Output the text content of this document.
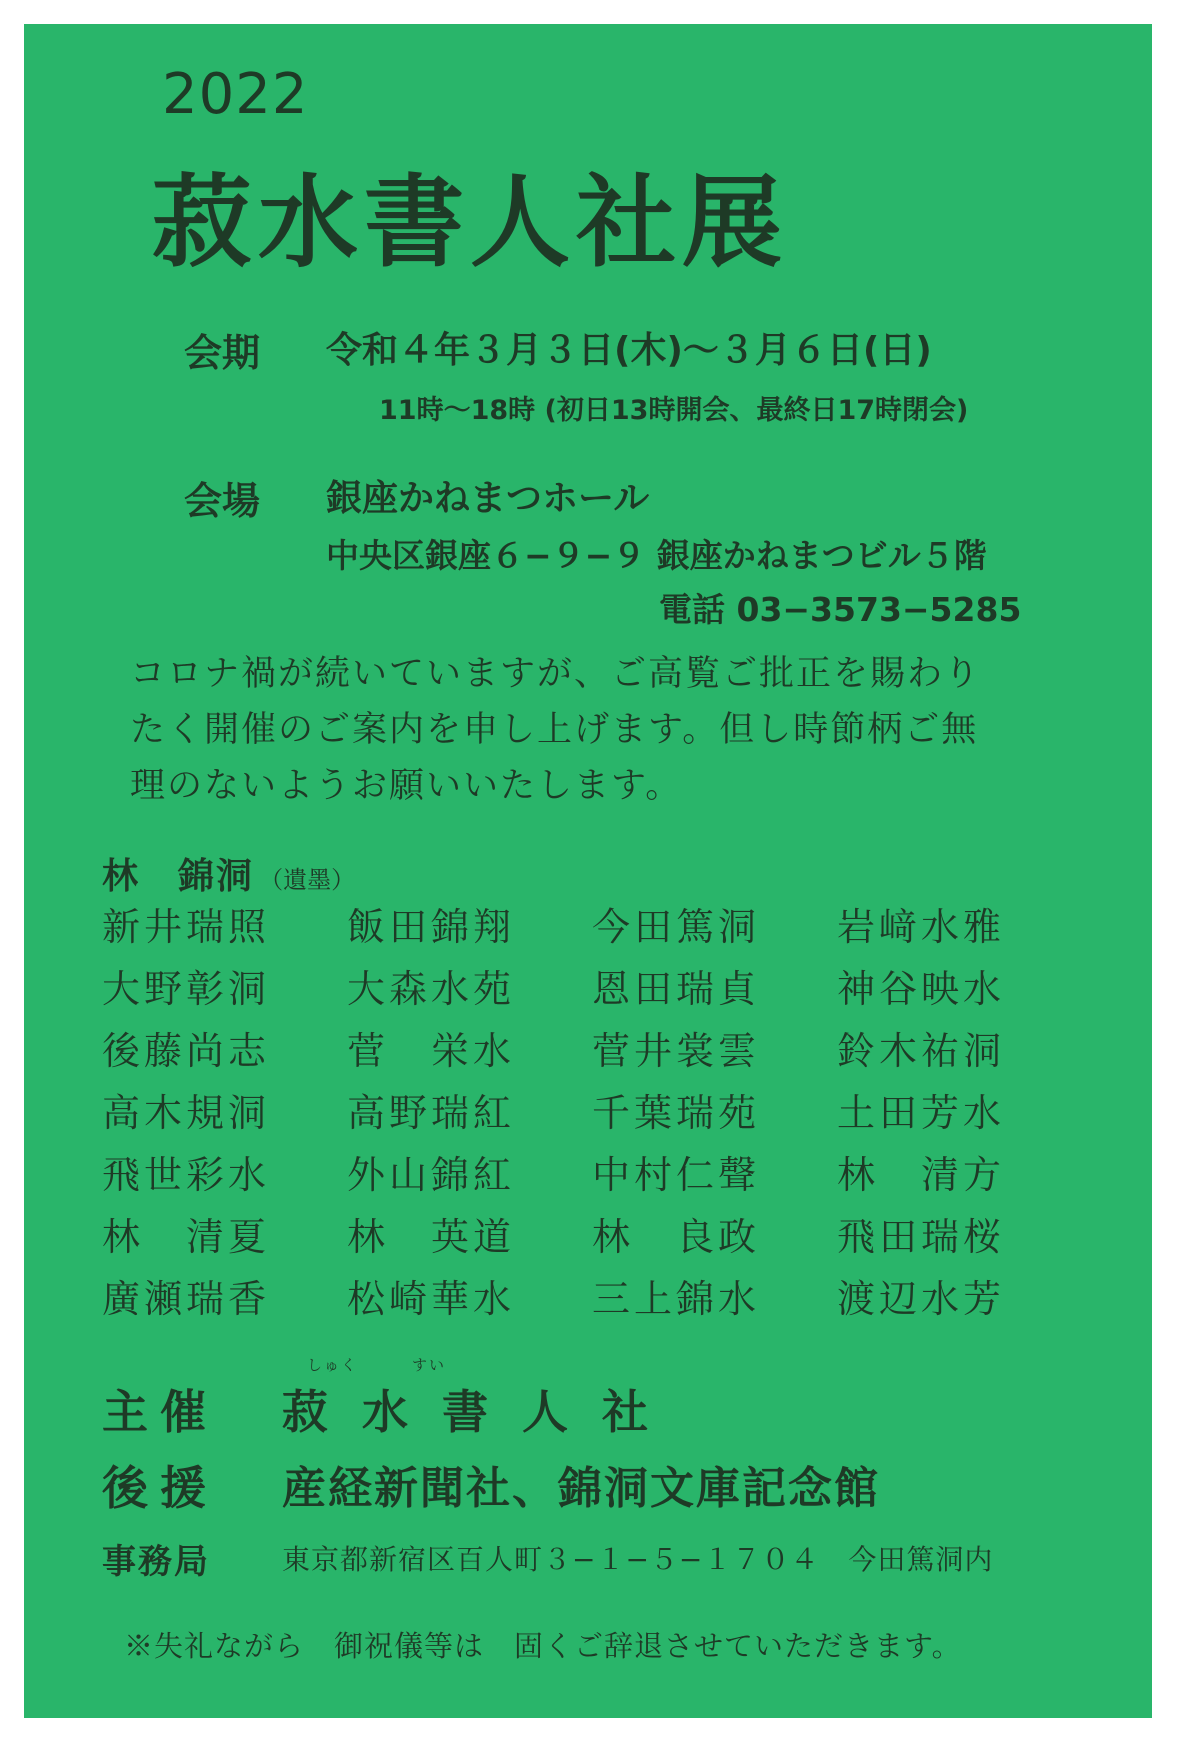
2022
菽水書人社展
会期 令和４年３月３日(木)〜３月６日(日)
11時〜18時 (初日13時開会、最終日17時閉会)
会場 銀座かねまつホール
中央区銀座６−９−９ 銀座かねまつビル５階
電話 03−3573−5285
コロナ禍が続いていますが、ご高覧ご批正を賜わり
たく開催のご案内を申し上げます。但し時節柄ご無
理のないようお願いいたします。
林　錦洞 （遺墨）
新井瑞照	飯田錦翔	今田篤洞	岩﨑水雅
大野彰洞	大森水苑	恩田瑞貞	神谷映水
後藤尚志	菅　栄水	菅井裳雲	鈴木祐洞
高木規洞	高野瑞紅	千葉瑞苑	土田芳水
飛世彩水	外山錦紅	中村仁聲	林　清方
林　清夏	林　英道	林　良政	飛田瑞桜
廣瀬瑞香	松崎華水	三上錦水	渡辺水芳
しゅく	すい
主催 菽水書人社
後援 産経新聞社、錦洞文庫記念館
事務局	東京都新宿区百人町３−１−５−１７０４　今田篤洞内
※失礼ながら　御祝儀等は　固くご辞退させていただきます。
